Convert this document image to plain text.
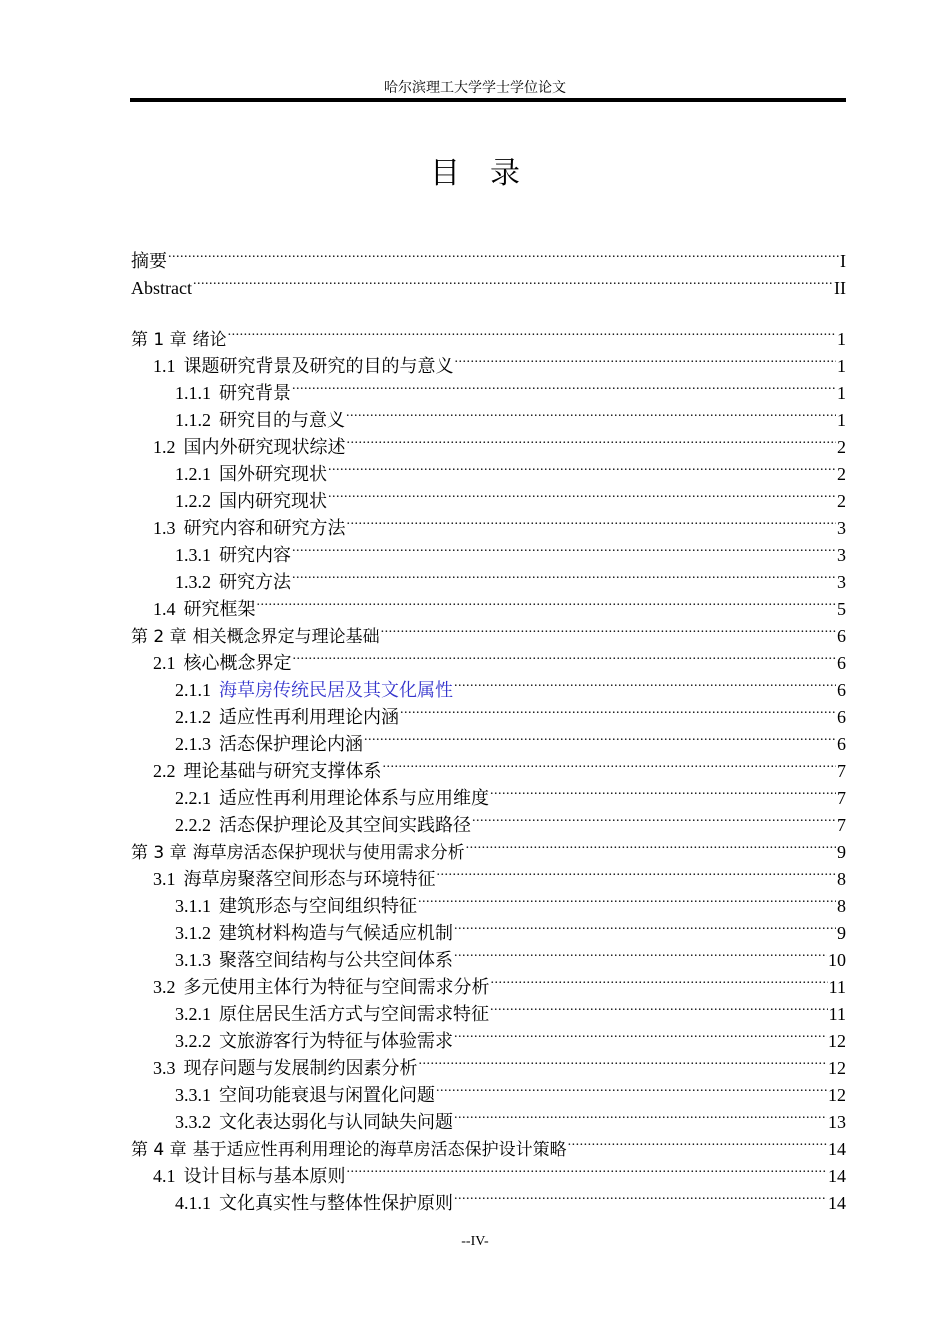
哈尔滨理工大学学士学位论文
目录
摘要 .....	I
Abstract .....	II
第 1 章 绪论 .....	1
1.1 课题研究背景及研究的目的与意义 .....	1
1.1.1 研究背景 .....	1
1.1.2 研究目的与意义 .....	1
1.2 国内外研究现状综述 .....	2
1.2.1 国外研究现状 .....	2
1.2.2 国内研究现状 .....	2
1.3 研究内容和研究方法 .....	3
1.3.1 研究内容 .....	3
1.3.2 研究方法 .....	3
1.4 研究框架 .....	5
第 2 章 相关概念界定与理论基础 .....	6
2.1 核心概念界定 .....	6
2.1.1 海草房传统民居及其文化属性 .....	6
2.1.2 适应性再利用理论内涵 .....	6
2.1.3 活态保护理论内涵 .....	6
2.2 理论基础与研究支撑体系 .....	7
2.2.1 适应性再利用理论体系与应用维度 .....	7
2.2.2 活态保护理论及其空间实践路径 .....	7
第 3 章 海草房活态保护现状与使用需求分析 .....	9
3.1 海草房聚落空间形态与环境特征 .....	8
3.1.1 建筑形态与空间组织特征 .....	8
3.1.2 建筑材料构造与气候适应机制 .....	9
3.1.3 聚落空间结构与公共空间体系 .....	10
3.2 多元使用主体行为特征与空间需求分析 .....	11
3.2.1 原住居民生活方式与空间需求特征 .....	11
3.2.2 文旅游客行为特征与体验需求 .....	12
3.3 现存问题与发展制约因素分析 .....	12
3.3.1 空间功能衰退与闲置化问题 .....	12
3.3.2 文化表达弱化与认同缺失问题 .....	13
第 4 章 基于适应性再利用理论的海草房活态保护设计策略 .....	14
4.1 设计目标与基本原则 .....	14
4.1.1 文化真实性与整体性保护原则 .....	14
--IV-
